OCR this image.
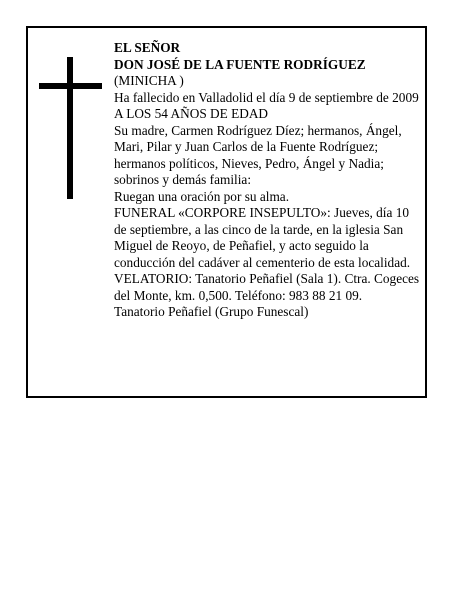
EL SEÑOR

DON JOSÉ DE LA FUENTE RODRÍGUEZ

(MINICHA )

Ha fallecido en Valladolid el día 9 de septiembre de 2009

A LOS 54 AÑOS DE EDAD

Su madre, Carmen Rodríguez Díez; hermanos, Ángel, Mari, Pilar y Juan Carlos de la Fuente Rodríguez; hermanos políticos, Nieves, Pedro, Ángel y Nadia; sobrinos y demás familia:

Ruegan una oración por su alma.

FUNERAL «CORPORE INSEPULTO»: Jueves, día 10 de septiembre, a las cinco de la tarde, en la iglesia San Miguel de Reoyo, de Peñafiel, y acto seguido la conducción del cadáver al cementerio de esta localidad.

VELATORIO: Tanatorio Peñafiel (Sala 1). Ctra. Cogeces del Monte, km. 0,500. Teléfono: 983 88 21 09.

Tanatorio Peñafiel (Grupo Funescal)
